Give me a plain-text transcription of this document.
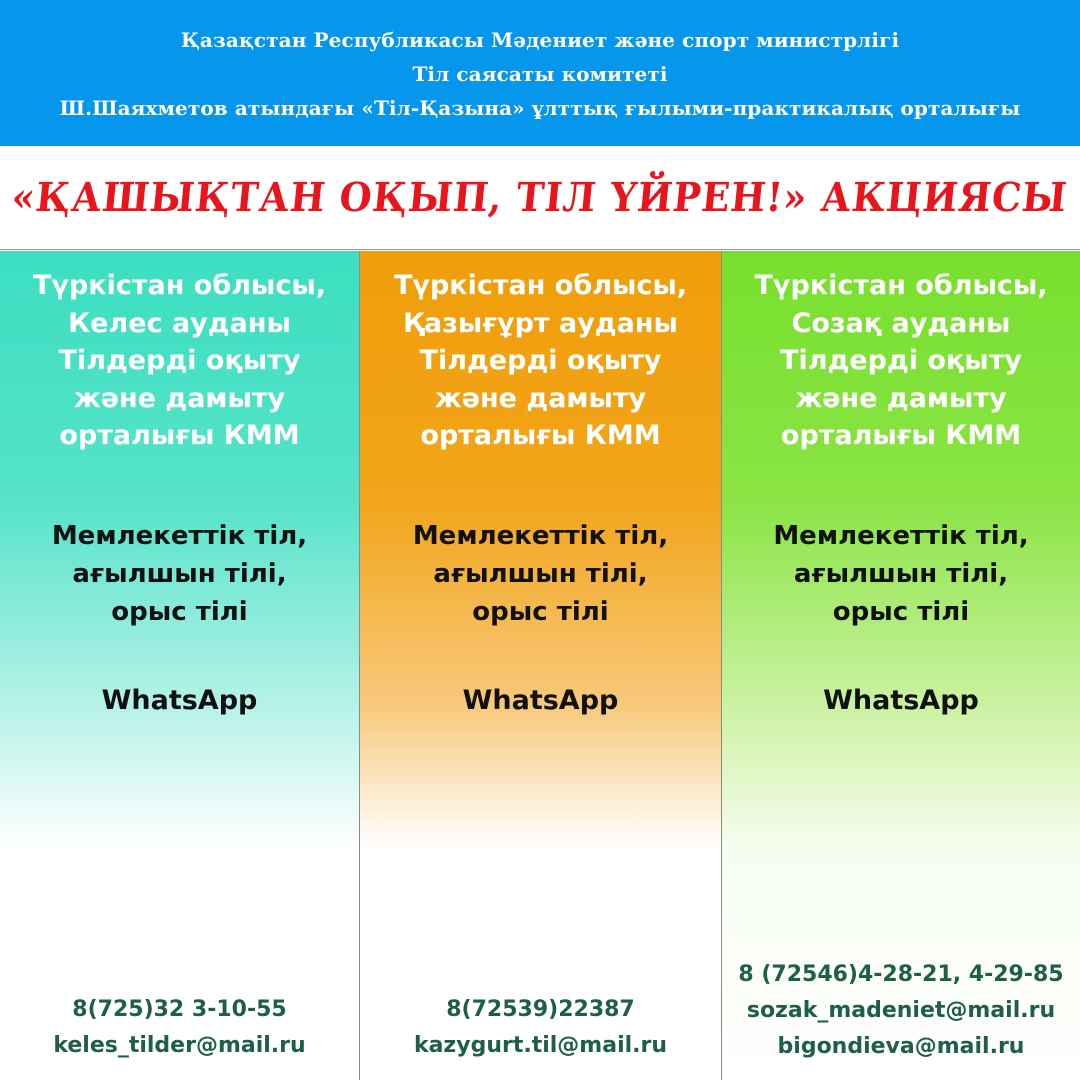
Қазақстан Республикасы Мәдениет және спорт министрлігі
Тіл саясаты комитеті
Ш.Шаяхметов атындағы «Тіл-Қазына» ұлттық ғылыми-практикалық орталығы
«ҚАШЫҚТАН ОҚЫП, ТІЛ ҮЙРЕН!» АКЦИЯСЫ
Түркістан облысы,
Келес ауданы
Тілдерді оқыту
және дамыту
орталығы КММ
Мемлекеттік тіл,
ағылшын тілі,
орыс тілі
WhatsApp
8(725)32 3-10-55
keles_tilder@mail.ru
Түркістан облысы,
Қазығұрт ауданы
Тілдерді оқыту
және дамыту
орталығы КММ
Мемлекеттік тіл,
ағылшын тілі,
орыс тілі
WhatsApp
8(72539)22387
kazygurt.til@mail.ru
Түркістан облысы,
Созақ ауданы
Тілдерді оқыту
және дамыту
орталығы КММ
Мемлекеттік тіл,
ағылшын тілі,
орыс тілі
WhatsApp
8 (72546)4-28-21, 4-29-85
sozak_madeniet@mail.ru
bigondieva@mail.ru
